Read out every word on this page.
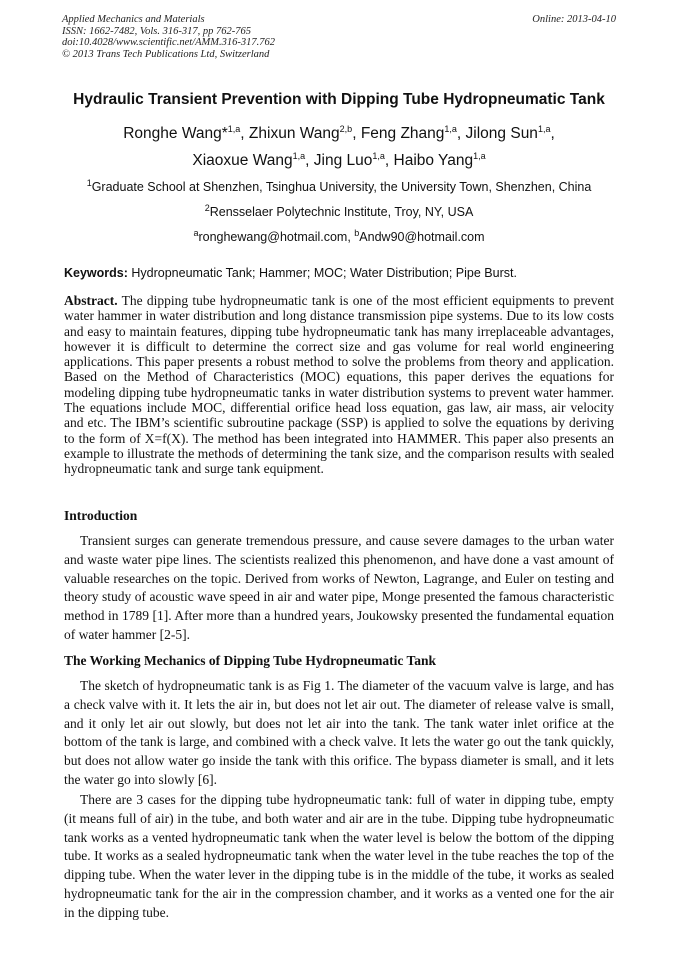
Applied Mechanics and Materials
ISSN: 1662-7482, Vols. 316-317, pp 762-765
doi:10.4028/www.scientific.net/AMM.316-317.762
© 2013 Trans Tech Publications Ltd, Switzerland
Online: 2013-04-10
Hydraulic Transient Prevention with Dipping Tube Hydropneumatic Tank
Ronghe Wang*$^{1,a}$, Zhixun Wang$^{2,b}$, Feng Zhang$^{1,a}$, Jilong Sun$^{1,a}$,
Xiaoxue Wang$^{1,a}$, Jing Luo$^{1,a}$, Haibo Yang$^{1,a}$
$^1$Graduate School at Shenzhen, Tsinghua University, the University Town, Shenzhen, China
$^2$Rensselaer Polytechnic Institute, Troy, NY, USA
$^a$ronghewang@hotmail.com, $^b$Andw90@hotmail.com
Keywords: Hydropneumatic Tank; Hammer; MOC; Water Distribution; Pipe Burst.
Abstract. The dipping tube hydropneumatic tank is one of the most efficient equipments to prevent water hammer in water distribution and long distance transmission pipe systems. Due to its low costs and easy to maintain features, dipping tube hydropneumatic tank has many irreplaceable advantages, however it is difficult to determine the correct size and gas volume for real world engineering applications. This paper presents a robust method to solve the problems from theory and application. Based on the Method of Characteristics (MOC) equations, this paper derives the equations for modeling dipping tube hydropneumatic tanks in water distribution systems to prevent water hammer. The equations include MOC, differential orifice head loss equation, gas law, air mass, air velocity and etc. The IBM’s scientific subroutine package (SSP) is applied to solve the equations by deriving to the form of X=f(X). The method has been integrated into HAMMER. This paper also presents an example to illustrate the methods of determining the tank size, and the comparison results with sealed hydropneumatic tank and surge tank equipment.
Introduction
Transient surges can generate tremendous pressure, and cause severe damages to the urban water and waste water pipe lines. The scientists realized this phenomenon, and have done a vast amount of valuable researches on the topic. Derived from works of Newton, Lagrange, and Euler on testing and theory study of acoustic wave speed in air and water pipe, Monge presented the famous characteristic method in 1789 [1]. After more than a hundred years, Joukowsky presented the fundamental equation of water hammer [2-5].
The Working Mechanics of Dipping Tube Hydropneumatic Tank
The sketch of hydropneumatic tank is as Fig 1. The diameter of the vacuum valve is large, and has a check valve with it. It lets the air in, but does not let air out. The diameter of release valve is small, and it only let air out slowly, but does not let air into the tank. The tank water inlet orifice at the bottom of the tank is large, and combined with a check valve. It lets the water go out the tank quickly, but does not allow water go inside the tank with this orifice. The bypass diameter is small, and it lets the water go into slowly [6].
There are 3 cases for the dipping tube hydropneumatic tank: full of water in dipping tube, empty (it means full of air) in the tube, and both water and air are in the tube. Dipping tube hydropneumatic tank works as a vented hydropneumatic tank when the water level is below the bottom of the dipping tube. It works as a sealed hydropneumatic tank when the water level in the tube reaches the top of the dipping tube. When the water lever in the dipping tube is in the middle of the tube, it works as sealed hydropneumatic tank for the air in the compression chamber, and it works as a vented one for the air in the dipping tube.
